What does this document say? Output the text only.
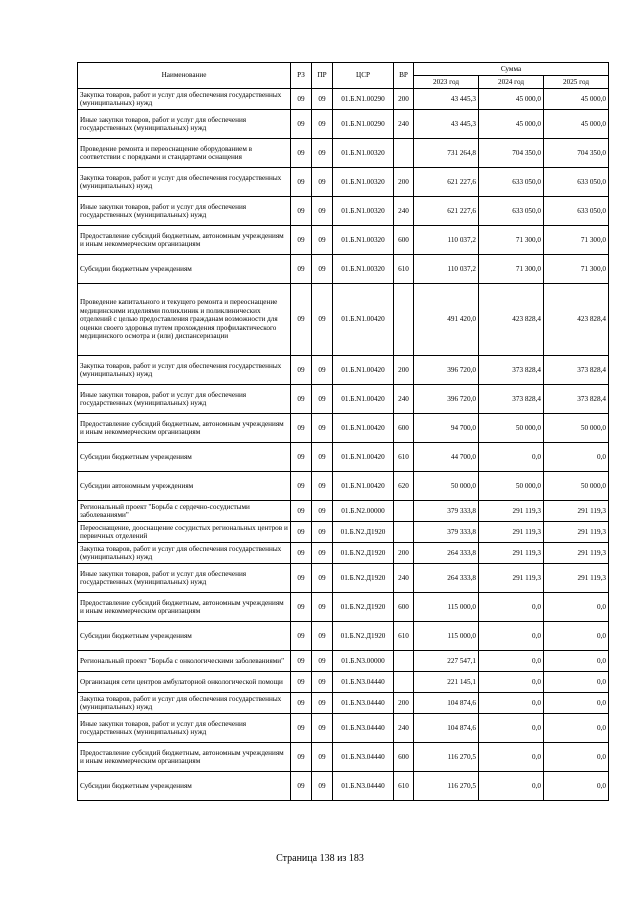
Наименование	РЗ	ПР	ЦСР	ВР	Сумма		
					2023 год	2024 год	2025 год
Закупка товаров, работ и услуг для обеспечения государственных (муниципальных) нужд	09	09	01.Б.N1.00290	200	43 445,3	45 000,0	45 000,0
Иные закупки товаров, работ и услуг для обеспечения государственных (муниципальных) нужд	09	09	01.Б.N1.00290	240	43 445,3	45 000,0	45 000,0
Проведение ремонта и переоснащение оборудованием в соответствии с порядками и стандартами оснащения	09	09	01.Б.N1.00320		731 264,8	704 350,0	704 350,0
Закупка товаров, работ и услуг для обеспечения государственных (муниципальных) нужд	09	09	01.Б.N1.00320	200	621 227,6	633 050,0	633 050,0
Иные закупки товаров, работ и услуг для обеспечения государственных (муниципальных) нужд	09	09	01.Б.N1.00320	240	621 227,6	633 050,0	633 050,0
Предоставление субсидий бюджетным, автономным учреждениям и иным некоммерческим организациям	09	09	01.Б.N1.00320	600	110 037,2	71 300,0	71 300,0
Субсидии бюджетным учреждениям	09	09	01.Б.N1.00320	610	110 037,2	71 300,0	71 300,0
Проведение капитального и текущего ремонта и переоснащение медицинскими изделиями поликлиник и поликлинических отделений с целью предоставления гражданам возможности для оценки своего здоровья путем прохождения профилактического медицинского осмотра и (или) диспансеризации	09	09	01.Б.N1.00420		491 420,0	423 828,4	423 828,4
Закупка товаров, работ и услуг для обеспечения государственных (муниципальных) нужд	09	09	01.Б.N1.00420	200	396 720,0	373 828,4	373 828,4
Иные закупки товаров, работ и услуг для обеспечения государственных (муниципальных) нужд	09	09	01.Б.N1.00420	240	396 720,0	373 828,4	373 828,4
Предоставление субсидий бюджетным, автономным учреждениям и иным некоммерческим организациям	09	09	01.Б.N1.00420	600	94 700,0	50 000,0	50 000,0
Субсидии бюджетным учреждениям	09	09	01.Б.N1.00420	610	44 700,0	0,0	0,0
Субсидии автономным учреждениям	09	09	01.Б.N1.00420	620	50 000,0	50 000,0	50 000,0
Региональный проект "Борьба с сердечно-сосудистыми заболеваниями"	09	09	01.Б.N2.00000		379 333,8	291 119,3	291 119,3
Переоснащение, дооснащение сосудистых региональных центров и первичных отделений	09	09	01.Б.N2.Д1920		379 333,8	291 119,3	291 119,3
Закупка товаров, работ и услуг для обеспечения государственных (муниципальных) нужд	09	09	01.Б.N2.Д1920	200	264 333,8	291 119,3	291 119,3
Иные закупки товаров, работ и услуг для обеспечения государственных (муниципальных) нужд	09	09	01.Б.N2.Д1920	240	264 333,8	291 119,3	291 119,3
Предоставление субсидий бюджетным, автономным учреждениям и иным некоммерческим организациям	09	09	01.Б.N2.Д1920	600	115 000,0	0,0	0,0
Субсидии бюджетным учреждениям	09	09	01.Б.N2.Д1920	610	115 000,0	0,0	0,0
Региональный проект "Борьба с онкологическими заболеваниями"	09	09	01.Б.N3.00000		227 547,1	0,0	0,0
Организация сети центров амбулаторной онкологической помощи	09	09	01.Б.N3.04440		221 145,1	0,0	0,0
Закупка товаров, работ и услуг для обеспечения государственных (муниципальных) нужд	09	09	01.Б.N3.04440	200	104 874,6	0,0	0,0
Иные закупки товаров, работ и услуг для обеспечения государственных (муниципальных) нужд	09	09	01.Б.N3.04440	240	104 874,6	0,0	0,0
Предоставление субсидий бюджетным, автономным учреждениям и иным некоммерческим организациям	09	09	01.Б.N3.04440	600	116 270,5	0,0	0,0
Субсидии бюджетным учреждениям	09	09	01.Б.N3.04440	610	116 270,5	0,0	0,0
Страница 138 из 183
